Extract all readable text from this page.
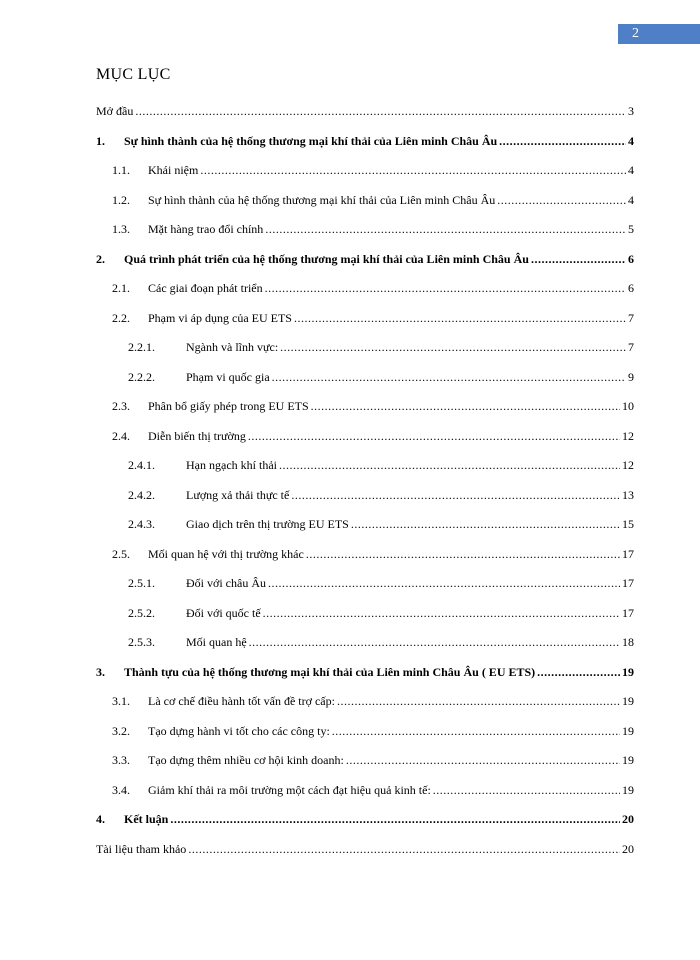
2
MỤC LỤC
Mở đầu .....	3
1.	Sự hình thành của hệ thống thương mại khí thải của Liên minh Châu Âu .....	4
1.1.	Khái niệm .....	4
1.2.	Sự hình thành của hệ thống thương mại khí thải của Liên minh Châu Âu .....	4
1.3.	Mặt hàng trao đổi chính .....	5
2.	Quá trình phát triển của hệ thống thương mại khí thải của Liên minh Châu Âu .....	6
2.1.	Các giai đoạn phát triển .....	6
2.2.	Phạm vi áp dụng của EU ETS .....	7
2.2.1.	Ngành và lĩnh vực: .....	7
2.2.2.	Phạm vi quốc gia .....	9
2.3.	Phân bổ giấy phép trong EU ETS .....	10
2.4.	Diễn biến thị trường .....	12
2.4.1.	Hạn ngạch khí thải .....	12
2.4.2.	Lượng xả thải thực tế .....	13
2.4.3.	Giao dịch trên thị trường EU ETS .....	15
2.5.	Mối quan hệ với thị trường khác .....	17
2.5.1.	Đối với châu Âu .....	17
2.5.2.	Đối với quốc tế .....	17
2.5.3.	Mối quan hệ .....	18
3.	Thành tựu của hệ thống thương mại khí thải của Liên minh Châu Âu ( EU ETS) .....	19
3.1.	Là cơ chế điều hành tốt vấn đề trợ cấp: .....	19
3.2.	Tạo dựng hành vi tốt cho các công ty: .....	19
3.3.	Tạo dựng thêm nhiều cơ hội kinh doanh: .....	19
3.4.	Giảm khí thải ra môi trường một cách đạt hiệu quả kinh tế: .....	19
4.	Kết luận .....	20
Tài liệu tham khảo .....	20
